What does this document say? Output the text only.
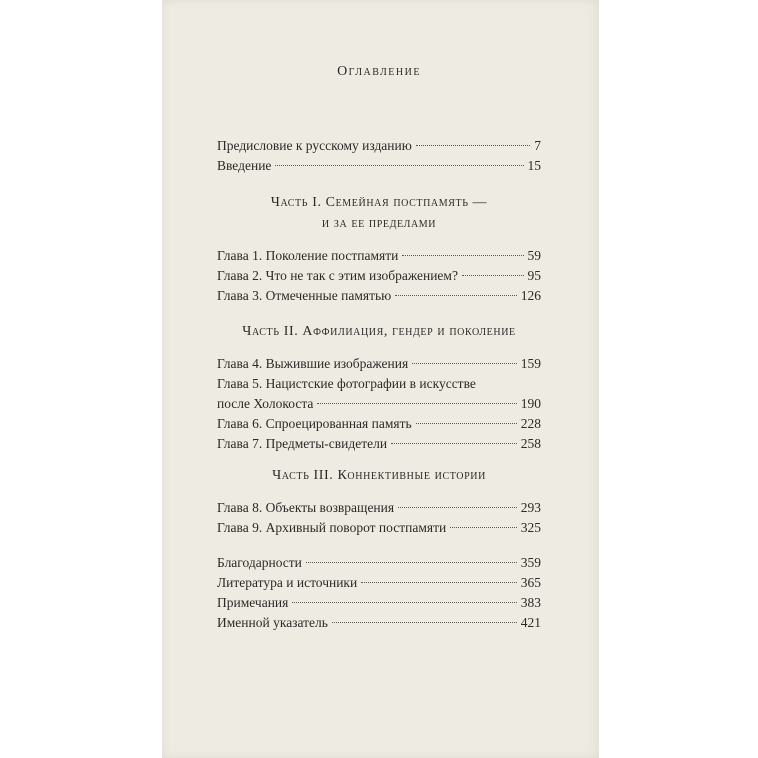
Оглавление
Предисловие к русскому изданию	7
Введение	15
Часть I. Семейная постпамять —
и за ее пределами
Глава 1. Поколение постпамяти	59
Глава 2. Что не так с этим изображением?	95
Глава 3. Отмеченные памятью	126
Часть II. Аффилиация, гендер и поколение
Глава 4. Выжившие изображения	159
Глава 5. Нацистские фотографии в искусстве
после Холокоста	190
Глава 6. Спроецированная память	228
Глава 7. Предметы-свидетели	258
Часть III. Коннективные истории
Глава 8. Объекты возвращения	293
Глава 9. Архивный поворот постпамяти	325
Благодарности	359
Литература и источники	365
Примечания	383
Именной указатель	421
